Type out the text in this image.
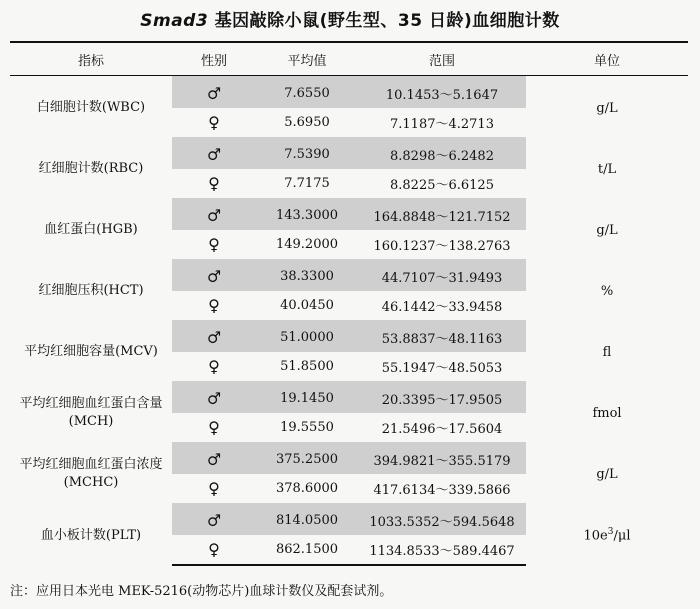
Smad3 基因敲除小鼠(野生型、35 日龄)血细胞计数
指标	性别	平均值	范围	单位
白细胞计数(WBC)	♂	7.6550	10.1453～5.1647	g/L
	♀	5.6950	7.1187～4.2713	
红细胞计数(RBC)	♂	7.5390	8.8298～6.2482	t/L
	♀	7.7175	8.8225～6.6125	
血红蛋白(HGB)	♂	143.3000	164.8848～121.7152	g/L
	♀	149.2000	160.1237～138.2763	
红细胞压积(HCT)	♂	38.3300	44.7107～31.9493	%
	♀	40.0450	46.1442～33.9458	
平均红细胞容量(MCV)	♂	51.0000	53.8837～48.1163	fl
	♀	51.8500	55.1947～48.5053	
平均红细胞血红蛋白含量(MCH)	♂	19.1450	20.3395～17.9505	fmol
	♀	19.5550	21.5496～17.5604	
平均红细胞血红蛋白浓度(MCHC)	♂	375.2500	394.9821～355.5179	g/L
	♀	378.6000	417.6134～339.5866	
血小板计数(PLT)	♂	814.0500	1033.5352～594.5648	$10e^3/\mu l$
	♀	862.1500	1134.8533～589.4467	
注：应用日本光电 MEK-5216(动物芯片)血球计数仪及配套试剂。
